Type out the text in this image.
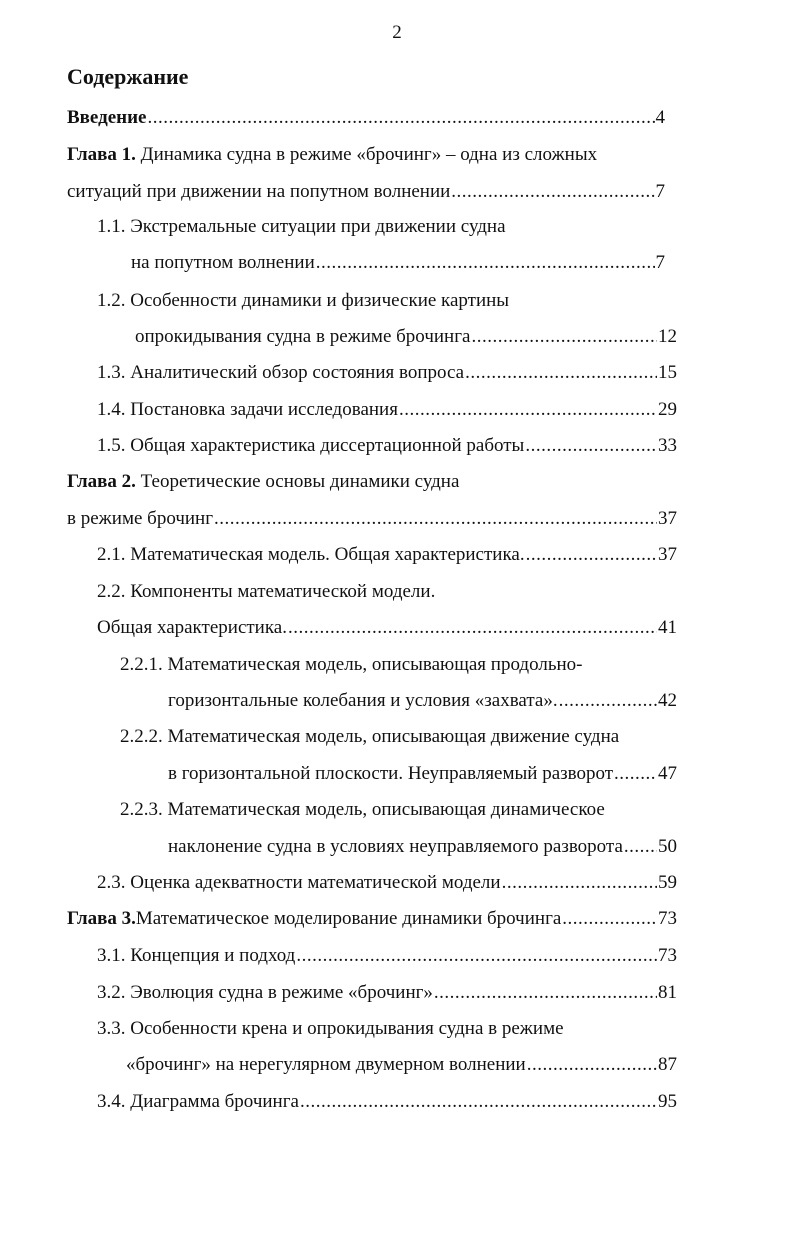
2
Содержание
Введение .....	4
Глава 1. Динамика судна в режиме «брочинг» – одна из сложных
ситуаций при движении на попутном волнении .....	7
1.1. Экстремальные ситуации при движении судна
на попутном волнении .....	7
1.2. Особенности динамики и физические картины
опрокидывания судна в режиме брочинга .....	12
1.3. Аналитический обзор состояния вопроса .....	15
1.4. Постановка задачи исследования .....	29
1.5. Общая характеристика диссертационной работы .....	33
Глава 2. Теоретические основы динамики судна
в режиме брочинг .....	37
2.1. Математическая модель. Общая характеристика. .....	37
2.2. Компоненты математической модели.
Общая характеристика. .....	41
2.2.1. Математическая модель, описывающая продольно-
горизонтальные колебания и условия «захвата». .....	42
2.2.2. Математическая модель, описывающая движение судна
в горизонтальной плоскости. Неуправляемый разворот ..... 47
2.2.3. Математическая модель, описывающая динамическое
наклонение судна в условиях неуправляемого разворота ..... 50
2.3. Оценка адекватности математической модели .....	59
Глава 3. Математическое моделирование динамики брочинга .....	73
3.1. Концепция и подход .....	73
3.2. Эволюция судна в режиме «брочинг» .....	81
3.3. Особенности крена и опрокидывания судна в режиме
«брочинг» на нерегулярном двумерном волнении .....	87
3.4. Диаграмма брочинга .....	95
